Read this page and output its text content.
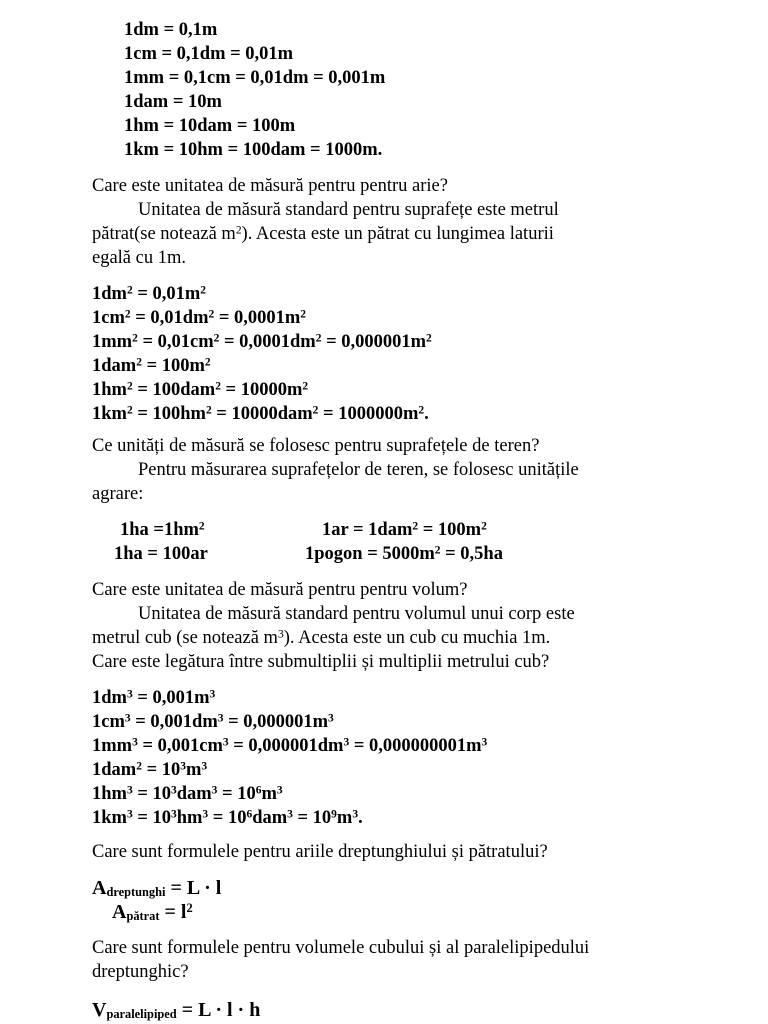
1dm = 0,1m
1cm = 0,1dm = 0,01m
1mm = 0,1cm = 0,01dm = 0,001m
1dam = 10m
1hm = 10dam = 100m
1km = 10hm = 100dam = 1000m.
Care este unitatea de măsură pentru pentru arie?
Unitatea de măsură standard pentru suprafețe este metrul
pătrat(se notează $m^2$). Acesta este un pătrat cu lungimea laturii
egală cu 1m.
$1dm^2 = 0,01m^2$
$1cm^2 = 0,01dm^2 = 0,0001m^2$
$1mm^2 = 0,01cm^2 = 0,0001dm^2 = 0,000001m^2$
$1dam^2 = 100m^2$
$1hm^2 = 100dam^2 = 10000m^2$
$1km^2 = 100hm^2 = 10000dam^2 = 1000000m^2$.
Ce unități de măsură se folosesc pentru suprafețele de teren?
Pentru măsurarea suprafețelor de teren, se folosesc unitățile
agrare:
$1ha =1hm^2$
1ha = 100ar
$1ar = 1dam^2 = 100m^2$
1pogon = $5000m^2 = 0,5ha$
Care este unitatea de măsură pentru pentru volum?
Unitatea de măsură standard pentru volumul unui corp este
metrul cub (se notează $m^3$). Acesta este un cub cu muchia 1m.
Care este legătura între submultiplii și multiplii metrului cub?
$1dm^3 = 0,001m^3$
$1cm^3 = 0,001dm^3 = 0,000001m^3$
$1mm^3 = 0,001cm^3 = 0,000001dm^3 = 0,000000001m^3$
$1dam^2 = 10^3m^3$
$1hm^3 = 10^3dam^3 = 10^6m^3$
$1km^3 = 10^3hm^3 = 10^6dam^3 = 10^9m^3$.
Care sunt formulele pentru ariile dreptunghiului și pătratului?
$A_{dreptunghi} = L \cdot l$
$A_{pătrat} = l^2$
Care sunt formulele pentru volumele cubului și al paralelipipedului
dreptunghic?
$V_{paralelipiped} = L \cdot l \cdot h$
